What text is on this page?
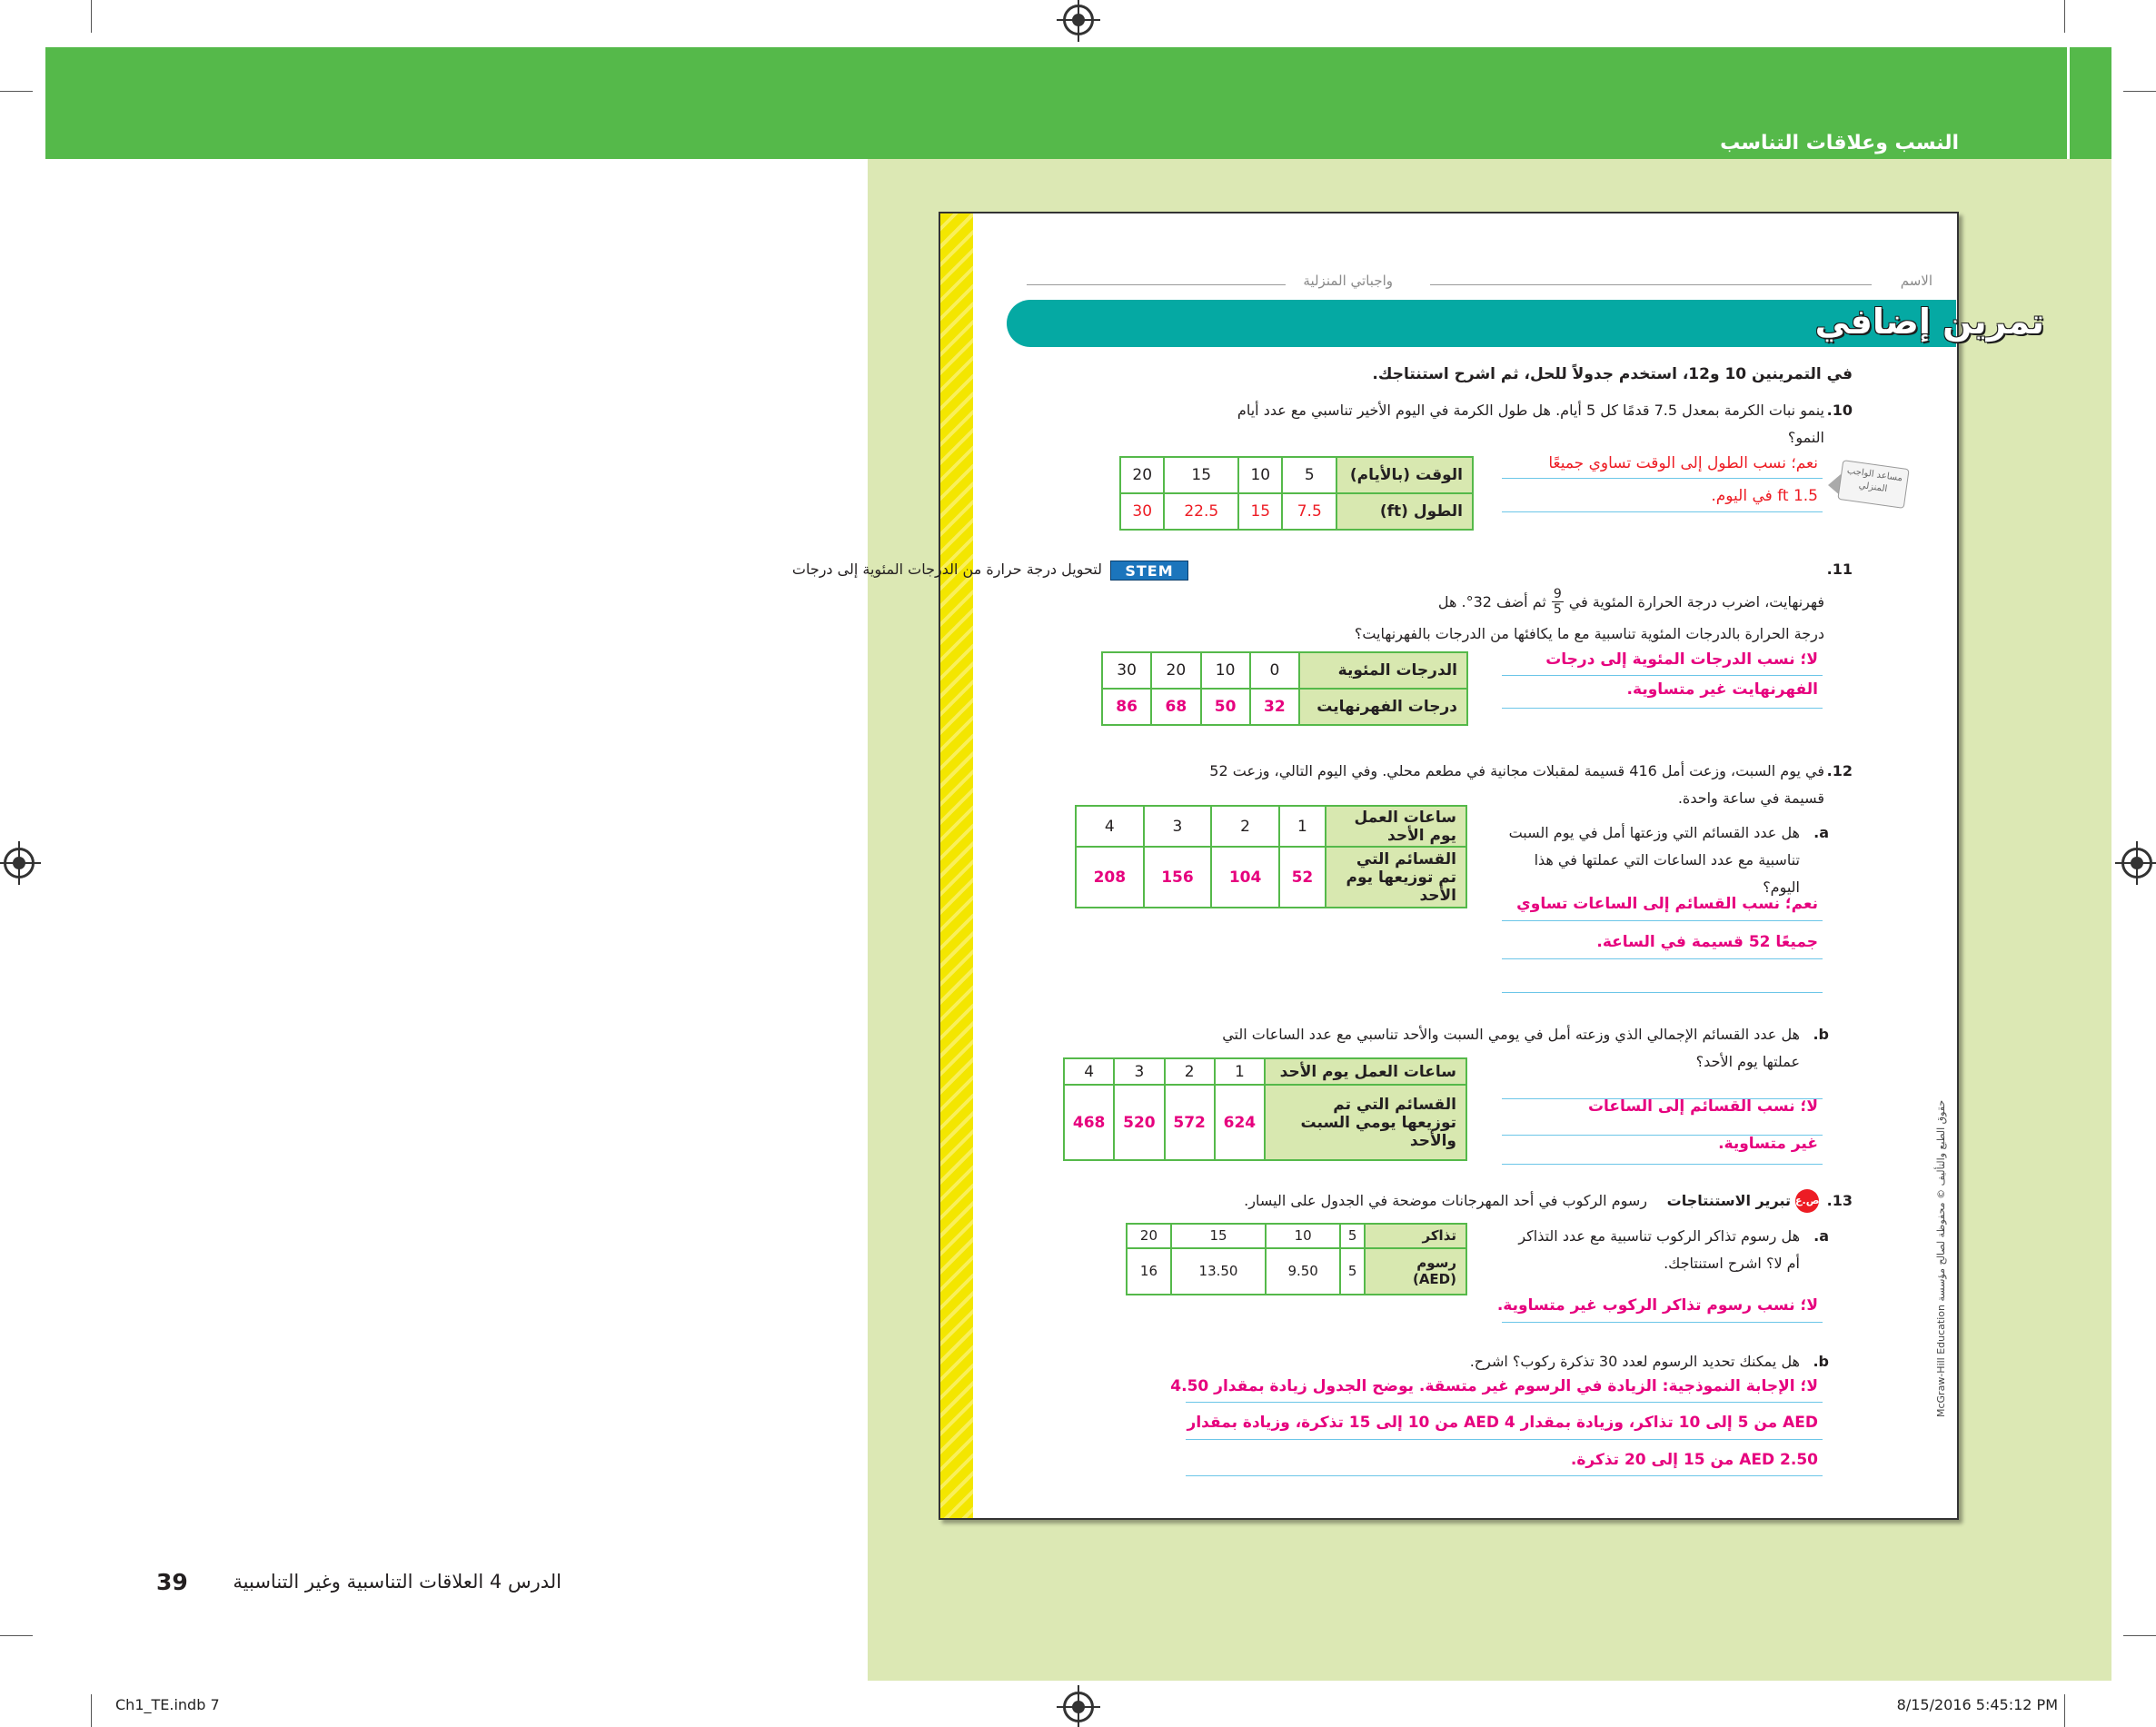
النسب وعلاقات التناسب
الاسم
واجباتي المنزلية
تمرين إضافي
في التمرينين 10 و12، استخدم جدولاً للحل، ثم اشرح استنتاجك.
10.
ينمو نبات الكرمة بمعدل 7.5 قدمًا كل 5 أيام. هل طول الكرمة في اليوم الأخير تناسبي مع عدد أيام النمو؟
20	15	10	5	الوقت (بالأيام)
30	22.5	15	7.5	الطول (ft)
مساعد الواجب المنزلي
نعم؛ نسب الطول إلى الوقت تساوي جميعًا
1.5 ft في اليوم.
11.
STEM
لتحويل درجة حرارة من الدرجات المئوية إلى درجات
فهرنهايت، اضرب درجة الحرارة المئوية في
$\frac{9}{5}$
ثم أضف 32°. هل
درجة الحرارة بالدرجات المئوية تناسبية مع ما يكافئها من الدرجات بالفهرنهايت؟
30	20	10	0	الدرجات المئوية
86	68	50	32	درجات الفهرنهايت
لا؛ نسب الدرجات المئوية إلى درجات
الفهرنهايت غير متساوية.
12.
في يوم السبت، وزعت أمل 416 قسيمة لمقبلات مجانية في مطعم محلي. وفي اليوم التالي، وزعت 52 قسيمة في ساعة واحدة.
4	3	2	1	ساعات العمل يوم الأحد
208	156	104	52	القسائم التي تم توزيعها يوم الأحد
a.
هل عدد القسائم التي وزعتها أمل في يوم السبت تناسبية مع عدد الساعات التي عملتها في هذا اليوم؟
نعم؛ نسب القسائم إلى الساعات تساوي
جميعًا 52 قسيمة في الساعة.
b.
هل عدد القسائم الإجمالي الذي وزعته أمل في يومي السبت والأحد تناسبي مع عدد الساعات التي عملتها يوم الأحد؟
4	3	2	1	ساعات العمل يوم الأحد
468	520	572	624	القسائم التي تم توزيعها يومي السبت والأحد
لا؛ نسب القسائم إلى الساعات
غير متساوية.
13.
ص.ع
تبرير الاستنتاجات
رسوم الركوب في أحد المهرجانات موضحة في الجدول على اليسار.
20	15	10	5	تذاكر
16	13.50	9.50	5	رسوم (AED)
a.
هل رسوم تذاكر الركوب تناسبية مع عدد التذاكر أم لا؟ اشرح استنتاجك.
لا؛ نسب رسوم تذاكر الركوب غير متساوية.
b.
هل يمكنك تحديد الرسوم لعدد 30 تذكرة ركوب؟ اشرح.
لا؛ الإجابة النموذجية: الزيادة في الرسوم غير متسقة. يوضح الجدول زيادة بمقدار 4.50
AED من 5 إلى 10 تذاكر، وزيادة بمقدار 4 AED من 10 إلى 15 تذكرة، وزيادة بمقدار
2.50 AED من 15 إلى 20 تذكرة.
حقوق الطبع والتأليف © محفوظة لصالح مؤسسة McGraw-Hill Education
39 الدرس 4 العلاقات التناسبية وغير التناسبية
Ch1_TE.indb 7	8/15/2016 5:45:12 PM
